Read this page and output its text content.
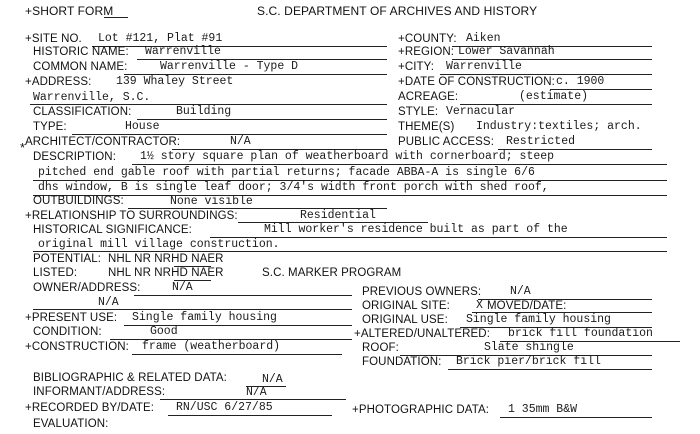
+SHORT FORM	S.C. DEPARTMENT OF ARCHIVES AND HISTORY
+SITE NO. Lot #121, Plat #91	+COUNTY: Aiken
HISTORIC NAME: Warrenville	+REGION: Lower Savannah
COMMON NAME:	Warrenville - Type D	+CITY: Warrenville
+ADDRESS: 139 Whaley Street	+DATE OF CONSTRUCTION: c. 1900
Warrenville, S.C.	ACREAGE:	(estimate)
CLASSIFICATION:	Building	STYLE: Vernacular
TYPE:	House	THEME(S) Industry:textiles; arch.
* ARCHITECT/CONTRACTOR:	N/A	PUBLIC ACCESS: Restricted
DESCRIPTION: 1½ story square plan of weatherboard with cornerboard; steep
pitched end gable roof with partial returns; facade ABBA-A is single 6/6
dhs window, B is single leaf door; 3/4's width front porch with shed roof,
OUTBUILDINGS:	None visible
+RELATIONSHIP TO SURROUNDINGS:	Residential
HISTORICAL SIGNIFICANCE:	Mill worker's residence built as part of the
original mill village construction.
POTENTIAL: NHL NR NRHD NAER
LISTED:	NHL NR NRHD NAER	S.C. MARKER PROGRAM
OWNER/ADDRESS:	N/A	PREVIOUS OWNERS:	N/A
N/A	ORIGINAL SITE: X MOVED/DATE:
+PRESENT USE: Single family housing	ORIGINAL USE: Single family housing
CONDITION:	Good	+ALTERED/UNALTERED: brick fill foundation
+CONSTRUCTION: frame (weatherboard)	ROOF:	Slate shingle
FOUNDATION: Brick pier/brick fill
BIBLIOGRAPHIC & RELATED DATA:	N/A
INFORMANT/ADDRESS:	N/A
+RECORDED BY/DATE: RN/USC 6/27/85	+PHOTOGRAPHIC DATA: 1 35mm B&W
EVALUATION:
